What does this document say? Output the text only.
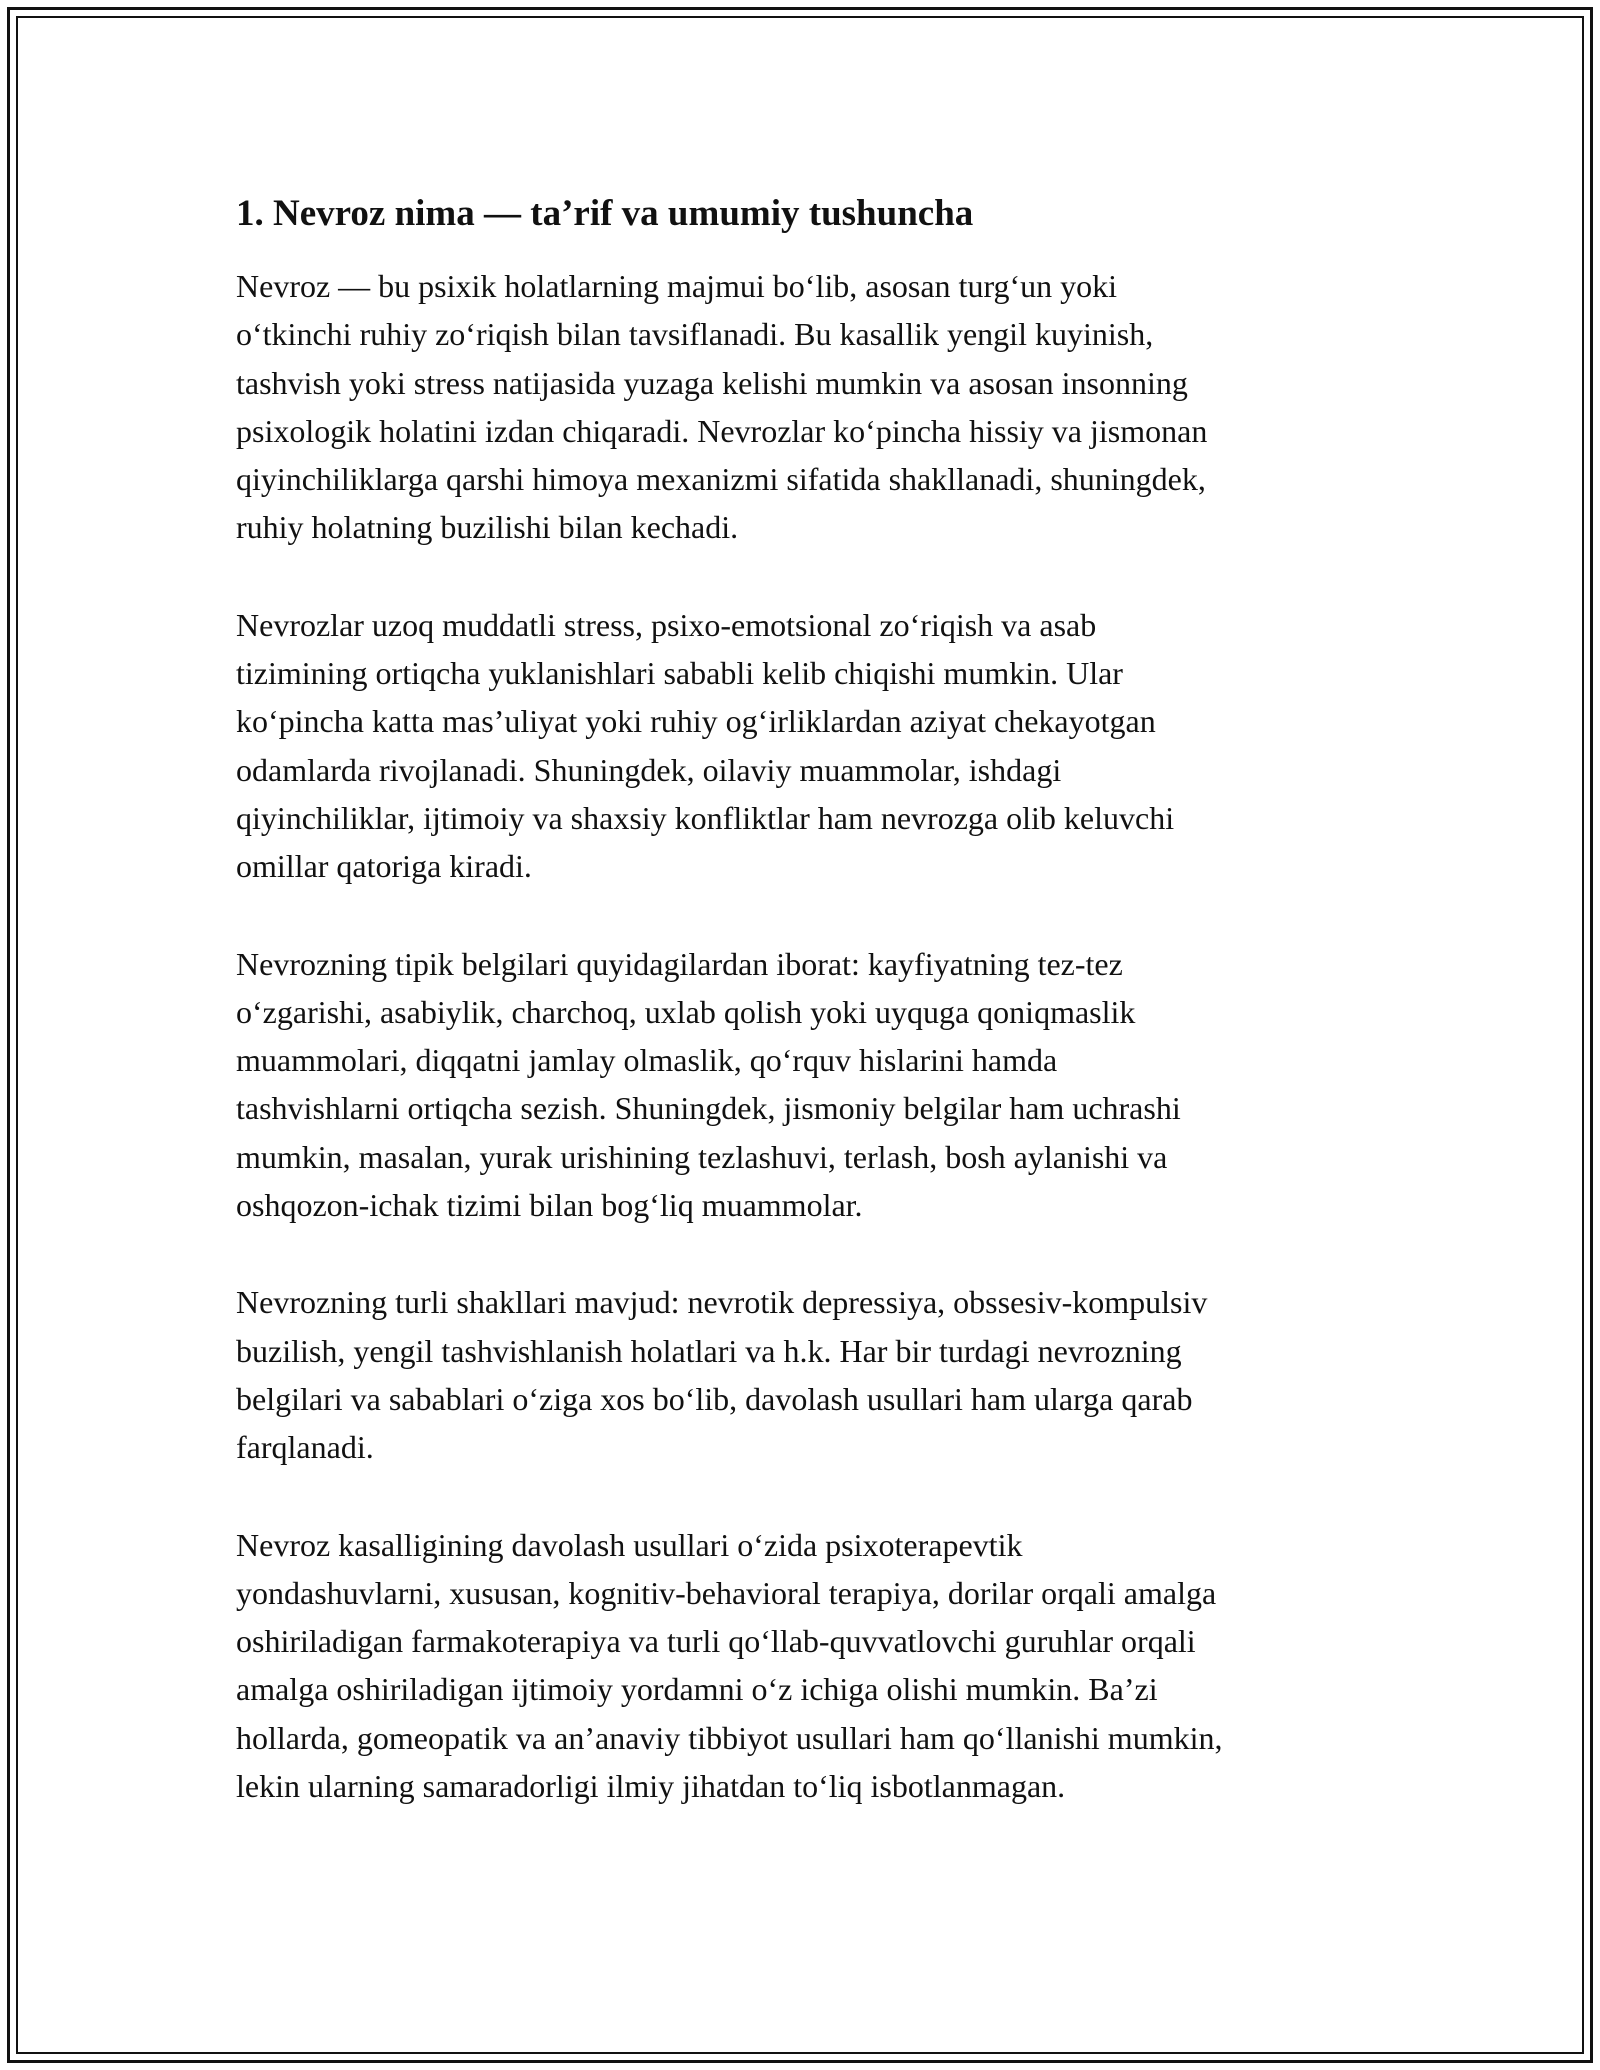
1. Nevroz nima — ta’rif va umumiy tushuncha

Nevroz — bu psixik holatlarning majmui bo‘lib, asosan turg‘un yoki
o‘tkinchi ruhiy zo‘riqish bilan tavsiflanadi. Bu kasallik yengil kuyinish,
tashvish yoki stress natijasida yuzaga kelishi mumkin va asosan insonning
psixologik holatini izdan chiqaradi. Nevrozlar ko‘pincha hissiy va jismonan
qiyinchiliklarga qarshi himoya mexanizmi sifatida shakllanadi, shuningdek,
ruhiy holatning buzilishi bilan kechadi.

Nevrozlar uzoq muddatli stress, psixo-emotsional zo‘riqish va asab
tizimining ortiqcha yuklanishlari sababli kelib chiqishi mumkin. Ular
ko‘pincha katta mas’uliyat yoki ruhiy og‘irliklardan aziyat chekayotgan
odamlarda rivojlanadi. Shuningdek, oilaviy muammolar, ishdagi
qiyinchiliklar, ijtimoiy va shaxsiy konfliktlar ham nevrozga olib keluvchi
omillar qatoriga kiradi.

Nevrozning tipik belgilari quyidagilardan iborat: kayfiyatning tez-tez
o‘zgarishi, asabiylik, charchoq, uxlab qolish yoki uyquga qoniqmaslik
muammolari, diqqatni jamlay olmaslik, qo‘rquv hislarini hamda
tashvishlarni ortiqcha sezish. Shuningdek, jismoniy belgilar ham uchrashi
mumkin, masalan, yurak urishining tezlashuvi, terlash, bosh aylanishi va
oshqozon-ichak tizimi bilan bog‘liq muammolar.

Nevrozning turli shakllari mavjud: nevrotik depressiya, obssesiv-kompulsiv
buzilish, yengil tashvishlanish holatlari va h.k. Har bir turdagi nevrozning
belgilari va sabablari o‘ziga xos bo‘lib, davolash usullari ham ularga qarab
farqlanadi.

Nevroz kasalligining davolash usullari o‘zida psixoterapevtik
yondashuvlarni, xususan, kognitiv-behavioral terapiya, dorilar orqali amalga
oshiriladigan farmakoterapiya va turli qo‘llab-quvvatlovchi guruhlar orqali
amalga oshiriladigan ijtimoiy yordamni o‘z ichiga olishi mumkin. Ba’zi
hollarda, gomeopatik va an’anaviy tibbiyot usullari ham qo‘llanishi mumkin,
lekin ularning samaradorligi ilmiy jihatdan to‘liq isbotlanmagan.
